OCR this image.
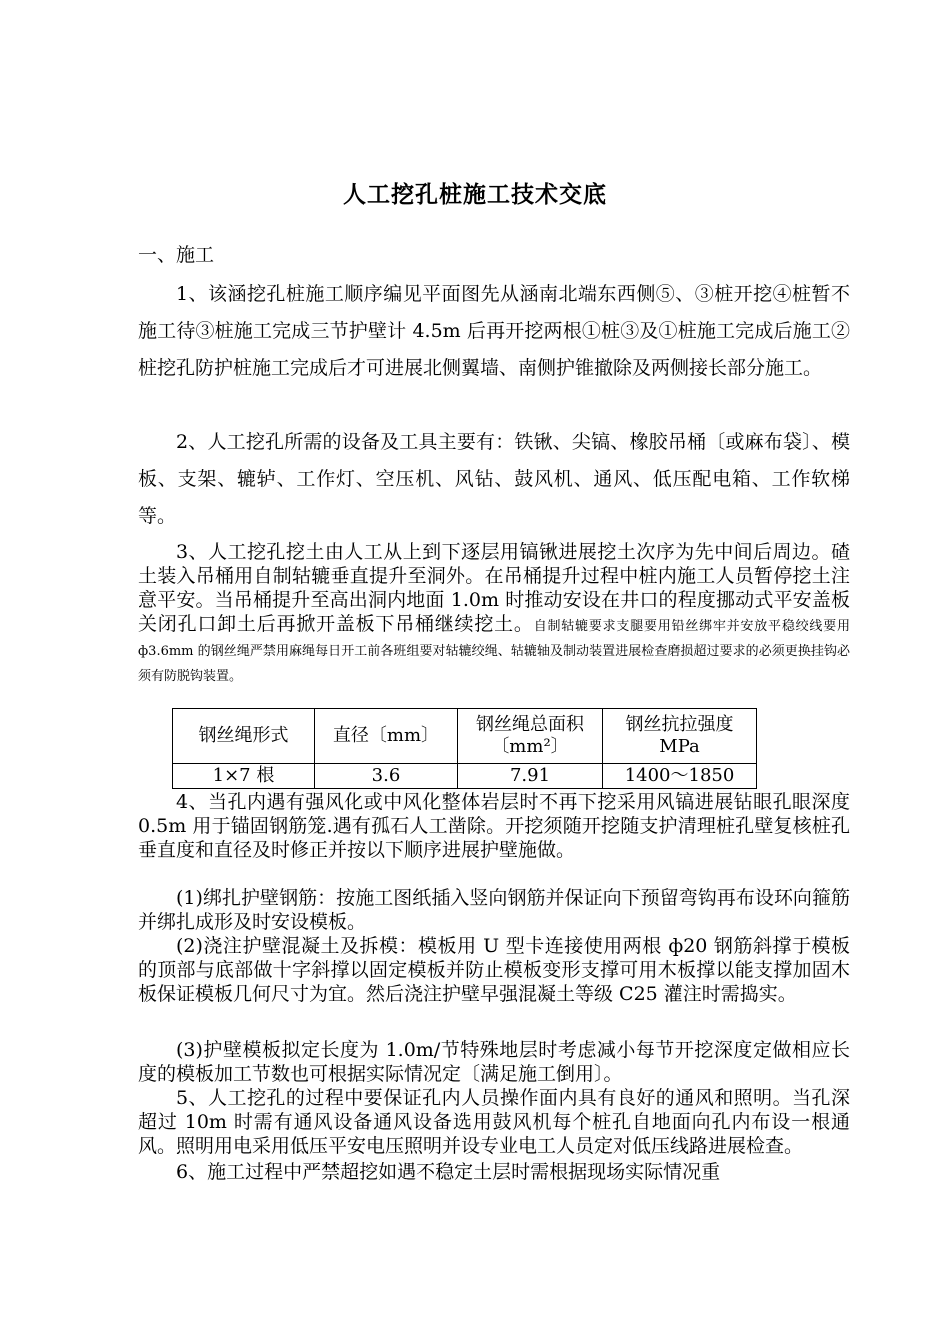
人工挖孔桩施工技术交底

一、施工

1、该涵挖孔桩施工顺序编见平面图先从涵南北端东西侧⑤、③桩开挖④桩暂不施工待③桩施工完成三节护壁计 4.5m 后再开挖两根①桩③及①桩施工完成后施工②桩挖孔防护桩施工完成后才可进展北侧翼墙、南侧护锥撤除及两侧接长部分施工。

2、人工挖孔所需的设备及工具主要有：铁锹、尖镐、橡胶吊桶〔或麻布袋〕、模板、支架、辘轳、工作灯、空压机、风钻、鼓风机、通风、低压配电箱、工作软梯等。

3、人工挖孔挖土由人工从上到下逐层用镐锹进展挖土次序为先中间后周边。碴土装入吊桶用自制轱辘垂直提升至洞外。在吊桶提升过程中桩内施工人员暂停挖土注意平安。当吊桶提升至高出洞内地面 1.0m 时推动安设在井口的程度挪动式平安盖板关闭孔口卸土后再掀开盖板下吊桶继续挖土。自制轱辘要求支腿要用铅丝绑牢并安放平稳绞线要用 ф3.6mm 的钢丝绳严禁用麻绳每日开工前各班组要对轱辘绞绳、轱辘轴及制动装置进展检查磨损超过要求的必须更换挂钩必须有防脱钩装置。

钢丝绳形式	直径〔mm〕	钢丝绳总面积〔mm²〕	钢丝抗拉强度 MPa
1×7 根	3.6	7.91	1400～1850

4、当孔内遇有强风化或中风化整体岩层时不再下挖采用风镐进展钻眼孔眼深度 0.5m 用于锚固钢筋笼.遇有孤石人工凿除。开挖须随开挖随支护清理桩孔壁复核桩孔垂直度和直径及时修正并按以下顺序进展护壁施做。

(1)绑扎护壁钢筋：按施工图纸插入竖向钢筋并保证向下预留弯钩再布设环向箍筋并绑扎成形及时安设模板。

(2)浇注护壁混凝土及拆模：模板用 U 型卡连接使用两根 ф20 钢筋斜撑于模板的顶部与底部做十字斜撑以固定模板并防止模板变形支撑可用木板撑以能支撑加固木板保证模板几何尺寸为宜。然后浇注护壁早强混凝土等级 C25 灌注时需捣实。

(3)护壁模板拟定长度为 1.0m/节特殊地层时考虑减小每节开挖深度定做相应长度的模板加工节数也可根据实际情况定〔满足施工倒用〕。

5、人工挖孔的过程中要保证孔内人员操作面内具有良好的通风和照明。当孔深超过 10m 时需有通风设备通风设备选用鼓风机每个桩孔自地面向孔内布设一根通风。照明用电采用低压平安电压照明并设专业电工人员定对低压线路进展检查。

6、施工过程中严禁超挖如遇不稳定土层时需根据现场实际情况重
